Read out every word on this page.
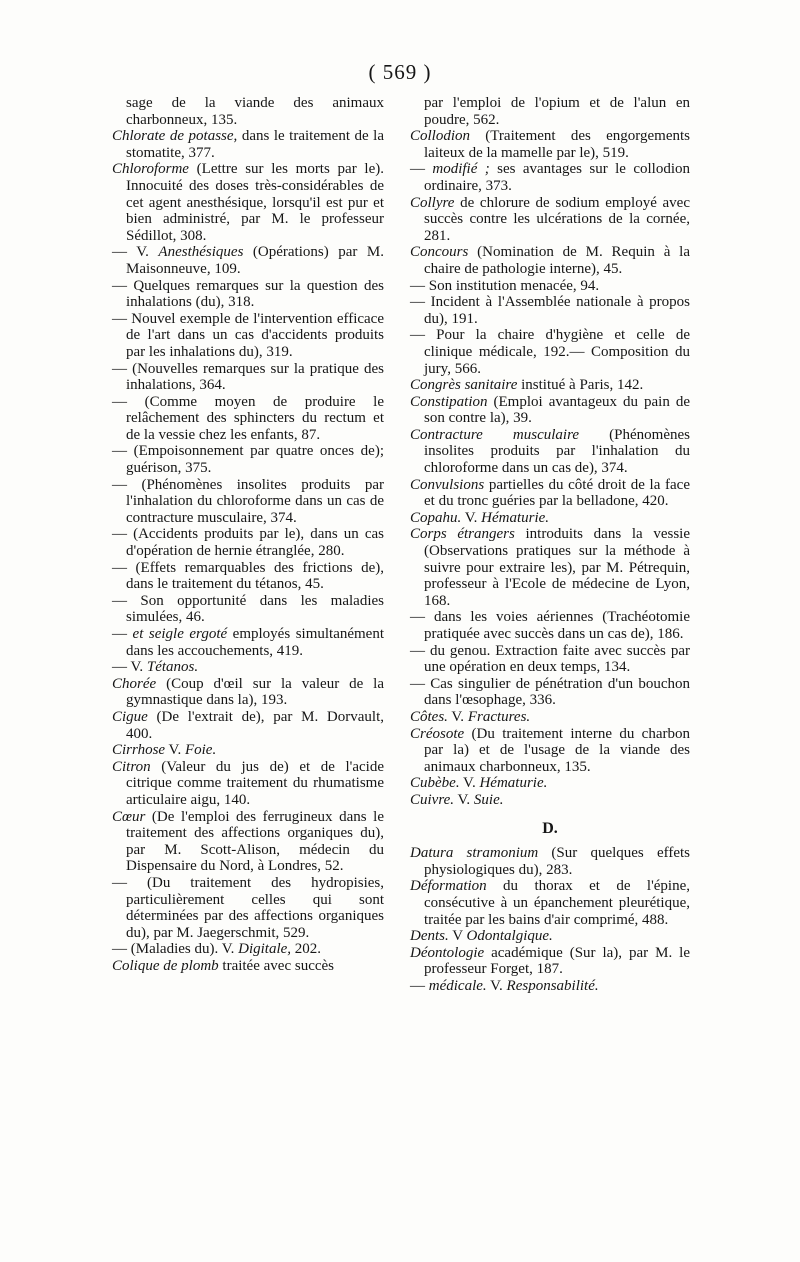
( 569 )

sage de la viande des animaux charbonneux, 135.

Chlorate de potasse, dans le traitement de la stomatite, 377.

Chloroforme (Lettre sur les morts par le). Innocuité des doses très-considérables de cet agent anesthésique, lorsqu'il est pur et bien administré, par M. le professeur Sédillot, 308.

— V. Anesthésiques (Opérations) par M. Maisonneuve, 109.

— Quelques remarques sur la question des inhalations (du), 318.

— Nouvel exemple de l'intervention efficace de l'art dans un cas d'accidents produits par les inhalations du), 319.

— (Nouvelles remarques sur la pratique des inhalations, 364.

— (Comme moyen de produire le relâchement des sphincters du rectum et de la vessie chez les enfants, 87.

— (Empoisonnement par quatre onces de); guérison, 375.

— (Phénomènes insolites produits par l'inhalation du chloroforme dans un cas de contracture musculaire, 374.

— (Accidents produits par le), dans un cas d'opération de hernie étranglée, 280.

— (Effets remarquables des frictions de), dans le traitement du tétanos, 45.

— Son opportunité dans les maladies simulées, 46.

— et seigle ergoté employés simultanément dans les accouchements, 419.

— V. Tétanos.

Chorée (Coup d'œil sur la valeur de la gymnastique dans la), 193.

Cigue (De l'extrait de), par M. Dorvault, 400.

Cirrhose V. Foie.

Citron (Valeur du jus de) et de l'acide citrique comme traitement du rhumatisme articulaire aigu, 140.

Cœur (De l'emploi des ferrugineux dans le traitement des affections organiques du), par M. Scott-Alison, médecin du Dispensaire du Nord, à Londres, 52.

— (Du traitement des hydropisies, particulièrement celles qui sont déterminées par des affections organiques du), par M. Jaegerschmit, 529.

— (Maladies du). V. Digitale, 202.

Colique de plomb traitée avec succès

par l'emploi de l'opium et de l'alun en poudre, 562.

Collodion (Traitement des engorgements laiteux de la mamelle par le), 519.

— modifié ; ses avantages sur le collodion ordinaire, 373.

Collyre de chlorure de sodium employé avec succès contre les ulcérations de la cornée, 281.

Concours (Nomination de M. Requin à la chaire de pathologie interne), 45.

— Son institution menacée, 94.

— Incident à l'Assemblée nationale à propos du), 191.

— Pour la chaire d'hygiène et celle de clinique médicale, 192.— Composition du jury, 566.

Congrès sanitaire institué à Paris, 142.

Constipation (Emploi avantageux du pain de son contre la), 39.

Contracture musculaire (Phénomènes insolites produits par l'inhalation du chloroforme dans un cas de), 374.

Convulsions partielles du côté droit de la face et du tronc guéries par la belladone, 420.

Copahu. V. Hématurie.

Corps étrangers introduits dans la vessie (Observations pratiques sur la méthode à suivre pour extraire les), par M. Pétrequin, professeur à l'Ecole de médecine de Lyon, 168.

— dans les voies aériennes (Trachéotomie pratiquée avec succès dans un cas de), 186.

— du genou. Extraction faite avec succès par une opération en deux temps, 134.

— Cas singulier de pénétration d'un bouchon dans l'œsophage, 336.

Côtes. V. Fractures.

Créosote (Du traitement interne du charbon par la) et de l'usage de la viande des animaux charbonneux, 135.

Cubèbe. V. Hématurie.

Cuivre. V. Suie.

D.

Datura stramonium (Sur quelques effets physiologiques du), 283.

Déformation du thorax et de l'épine, consécutive à un épanchement pleurétique, traitée par les bains d'air comprimé, 488.

Dents. V Odontalgique.

Déontologie académique (Sur la), par M. le professeur Forget, 187.

— médicale. V. Responsabilité.
